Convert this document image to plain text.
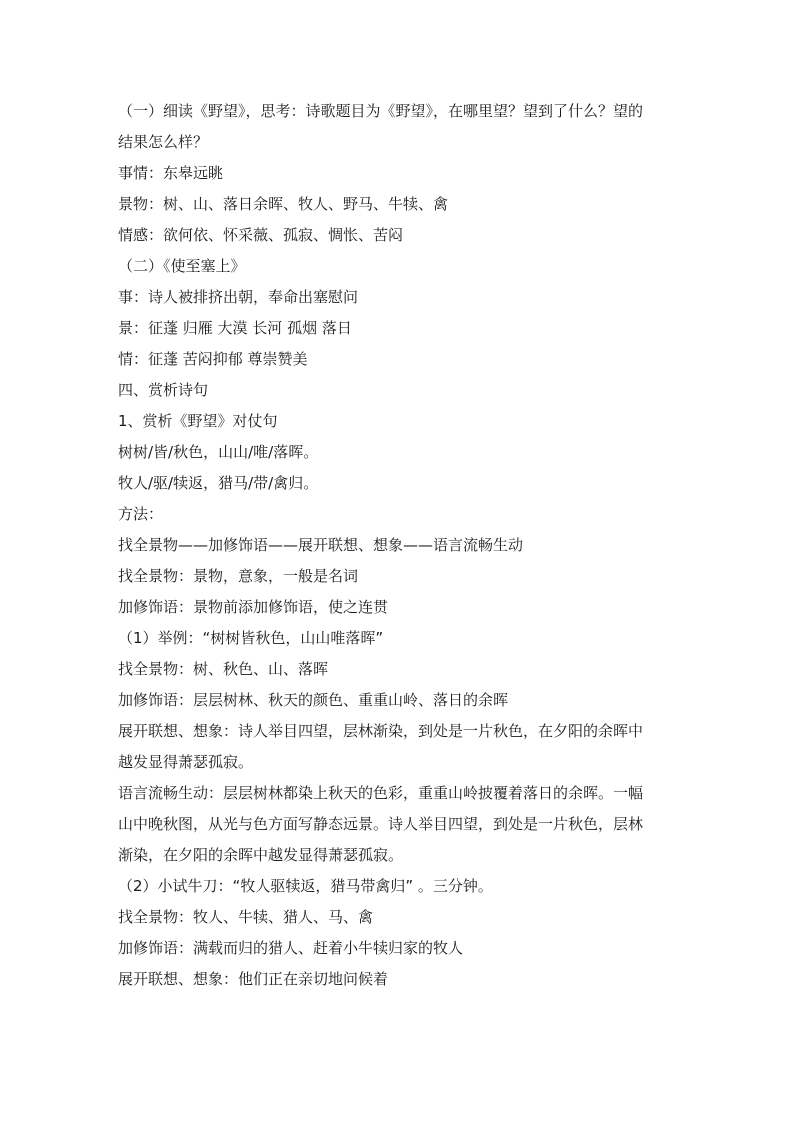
（一）细读《野望》，思考：诗歌题目为《野望》，在哪里望？望到了什么？望的
结果怎么样？
事情：东皋远眺
景物：树、山、落日余晖、牧人、野马、牛犊、禽
情感：欲何依、怀采薇、孤寂、惆怅、苦闷
（二）《使至塞上》
事：诗人被排挤出朝，奉命出塞慰问
景：征蓬 归雁 大漠 长河 孤烟 落日
情：征蓬 苦闷抑郁 尊崇赞美
四、赏析诗句
1、赏析《野望》对仗句
树树/皆/秋色，山山/唯/落晖。
牧人/驱/犊返，猎马/带/禽归。
方法：
找全景物——加修饰语——展开联想、想象——语言流畅生动
找全景物：景物，意象，一般是名词
加修饰语：景物前添加修饰语，使之连贯
（1）举例：“树树皆秋色，山山唯落晖”
找全景物：树、秋色、山、落晖
加修饰语：层层树林、秋天的颜色、重重山岭、落日的余晖
展开联想、想象：诗人举目四望，层林渐染，到处是一片秋色，在夕阳的余晖中
越发显得萧瑟孤寂。
语言流畅生动：层层树林都染上秋天的色彩，重重山岭披覆着落日的余晖。一幅
山中晚秋图，从光与色方面写静态远景。诗人举目四望，到处是一片秋色，层林
渐染，在夕阳的余晖中越发显得萧瑟孤寂。
（2）小试牛刀：“牧人驱犊返，猎马带禽归” 。三分钟。
找全景物：牧人、牛犊、猎人、马、禽
加修饰语：满载而归的猎人、赶着小牛犊归家的牧人
展开联想、想象：他们正在亲切地问候着
